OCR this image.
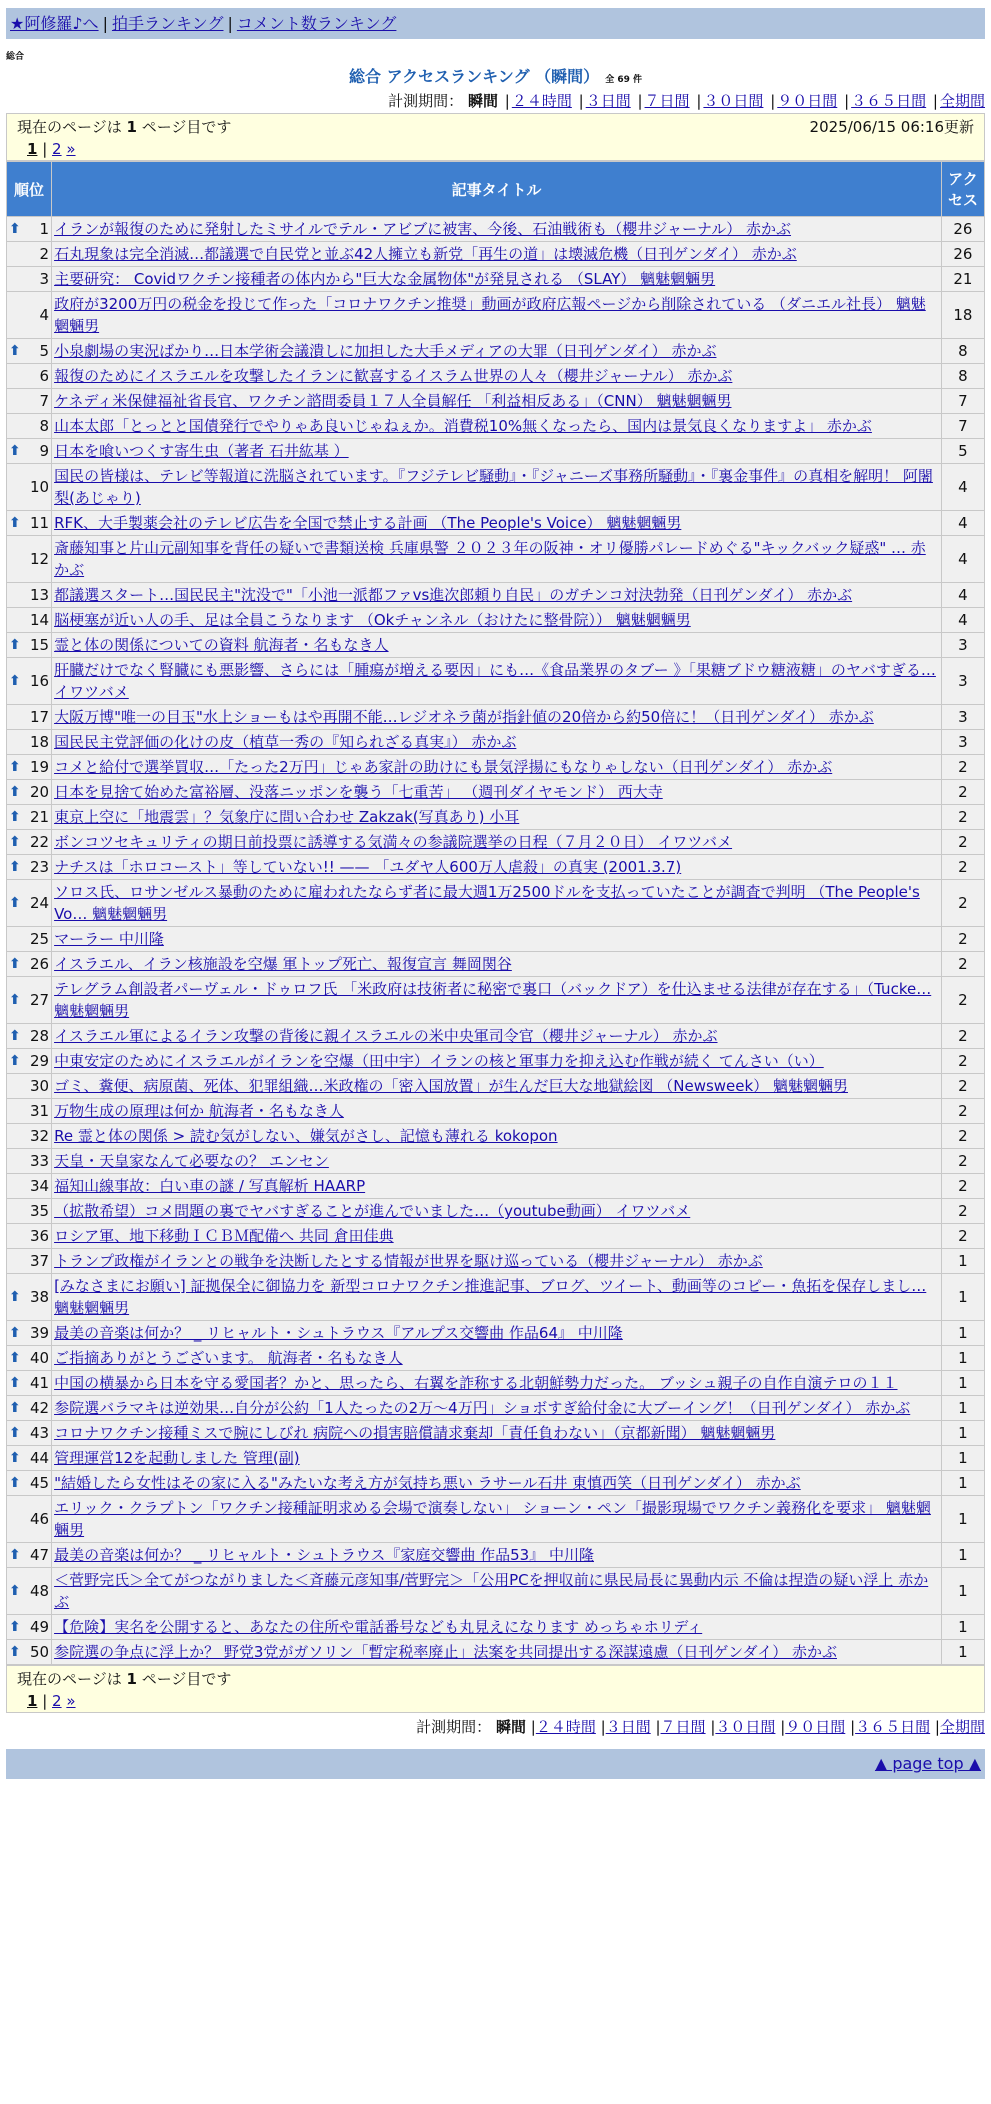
★阿修羅♪へ | 拍手ランキング | コメント数ランキング
総合
総合 アクセスランキング （瞬間） 全 69 件
計測期間： 瞬間 | ２４時間 | ３日間 | ７日間 | ３０日間 | ９０日間 | ３６５日間 | 全期間
現在のページは 1 ページ目です	2025/06/15 06:16更新
1 | 2 »
順位	記事タイトル	アクセス

⬆ 1	イランが報復のために発射したミサイルでテル・アビブに被害、今後、石油戦術も（櫻井ジャーナル） 赤かぶ	26
2	石丸現象は完全消滅…都議選で自民党と並ぶ42人擁立も新党「再生の道」は壊滅危機（日刊ゲンダイ） 赤かぶ	26
3	主要研究： Covidワクチン接種者の体内から"巨大な金属物体"が発見される （SLAY） 魑魅魍魎男	21
4	政府が3200万円の税金を投じて作った「コロナワクチン推奨」動画が政府広報ページから削除されている （ダニエル社長） 魑魅魍魎男	18

⬆ 5	小泉劇場の実況ばかり…日本学術会議潰しに加担した大手メディアの大罪（日刊ゲンダイ） 赤かぶ	8
6	報復のためにイスラエルを攻撃したイランに歓喜するイスラム世界の人々（櫻井ジャーナル） 赤かぶ	8
7	ケネディ米保健福祉省長官、ワクチン諮問委員１７人全員解任 「利益相反ある」（CNN） 魑魅魍魎男	7
8	山本太郎「とっとと国債発行でやりゃあ良いじゃねぇか。消費税10%無くなったら、国内は景気良くなりますよ」 赤かぶ	7

⬆ 9	日本を喰いつくす寄生虫（著者 石井紘基 ）	5
10	国民の皆様は、テレビ等報道に洗脳されています。『フジテレビ騒動』・『ジャニーズ事務所騒動』・『裏金事件』の真相を解明！ 阿闍梨(あじゃり)	4

⬆ 11	RFK、大手製薬会社のテレビ広告を全国で禁止する計画 （The People's Voice） 魑魅魍魎男	4
12	斎藤知事と片山元副知事を背任の疑いで書類送検 兵庫県警 ２０２３年の阪神・オリ優勝パレードめぐる"キックバック疑惑" … 赤かぶ	4
13	都議選スタート…国民民主"沈没で"「小池一派都ファvs進次郎頼り自民」のガチンコ対決勃発（日刊ゲンダイ） 赤かぶ	4
14	脳梗塞が近い人の手、足は全員こうなります （Okチャンネル（おけたに整骨院）） 魑魅魍魎男	4

⬆ 15	霊と体の関係についての資料 航海者・名もなき人	3

⬆ 16	肝臓だけでなく腎臓にも悪影響、さらには「腫瘍が増える要因」にも…《食品業界のタブー 》「果糖ブドウ糖液糖」のヤバすぎる… イワツバメ	3
17	大阪万博"唯一の目玉"水上ショーもはや再開不能…レジオネラ菌が指針値の20倍から約50倍に！（日刊ゲンダイ） 赤かぶ	3
18	国民民主党評価の化けの皮（植草一秀の『知られざる真実』） 赤かぶ	3

⬆ 19	コメと給付で選挙買収…「たった2万円」じゃあ家計の助けにも景気浮揚にもなりゃしない（日刊ゲンダイ） 赤かぶ	2

⬆ 20	日本を見捨て始めた富裕層、没落ニッポンを襲う「七重苦」 （週刊ダイヤモンド） 西大寺	2

⬆ 21	東京上空に「地震雲」？気象庁に問い合わせ Zakzak(写真あり) 小耳	2

⬆ 22	ボンコツセキュリティの期日前投票に誘導する気満々の参議院選挙の日程（７月２０日） イワツバメ	2

⬆ 23	ナチスは「ホロコースト」等していない!! —— 「ユダヤ人600万人虐殺」の真実 (2001.3.7)	2

⬆ 24	ソロス氏、ロサンゼルス暴動のために雇われたならず者に最大週1万2500ドルを支払っていたことが調査で判明 （The People's Vo… 魑魅魍魎男	2
25	マーラー 中川隆	2

⬆ 26	イスラエル、イラン核施設を空爆 軍トップ死亡、報復宣言 舞岡関谷	2

⬆ 27	テレグラム創設者パーヴェル・ドゥロフ氏 「米政府は技術者に秘密で裏口（バックドア）を仕込ませる法律が存在する」（Tucke… 魑魅魍魎男	2

⬆ 28	イスラエル軍によるイラン攻撃の背後に親イスラエルの米中央軍司令官（櫻井ジャーナル） 赤かぶ	2

⬆ 29	中東安定のためにイスラエルがイランを空爆（田中宇）イランの核と軍事力を抑え込む作戦が続く てんさい（い）	2
30	ゴミ、糞便、病原菌、死体、犯罪組織…米政権の「密入国放置」が生んだ巨大な地獄絵図 （Newsweek） 魑魅魍魎男	2
31	万物生成の原理は何か 航海者・名もなき人	2
32	Re 霊と体の関係 > 読む気がしない、嫌気がさし、記憶も薄れる kokopon	2
33	天皇・天皇家なんて必要なの？ エンセン	2
34	福知山線事故：白い車の謎 / 写真解析 HAARP	2
35	（拡散希望）コメ問題の裏でヤバすぎることが進んでいました…（youtube動画） イワツバメ	2
36	ロシア軍、地下移動ＩＣＢＭ配備へ 共同 倉田佳典	2
37	トランプ政権がイランとの戦争を決断したとする情報が世界を駆け巡っている（櫻井ジャーナル） 赤かぶ	1

⬆ 38	[みなさまにお願い] 証拠保全に御協力を 新型コロナワクチン推進記事、ブログ、ツイート、動画等のコピー・魚拓を保存しまし… 魑魅魍魎男	1

⬆ 39	最美の音楽は何か？ _ リヒャルト・シュトラウス『アルプス交響曲 作品64』 中川隆	1

⬆ 40	ご指摘ありがとうございます。 航海者・名もなき人	1

⬆ 41	中国の横暴から日本を守る愛国者？かと、思ったら、右翼を詐称する北朝鮮勢力だった。 ブッシュ親子の自作自演テロの１１	1

⬆ 42	参院選バラマキは逆効果…自分が公約「1人たったの2万～4万円」ショボすぎ給付金に大ブーイング！（日刊ゲンダイ） 赤かぶ	1

⬆ 43	コロナワクチン接種ミスで腕にしびれ 病院への損害賠償請求棄却「責任負わない」（京都新聞） 魑魅魍魎男	1

⬆ 44	管理運営12を起動しました 管理(副)	1

⬆ 45	"結婚したら女性はその家に入る"みたいな考え方が気持ち悪い ラサール石井 東慎西笑（日刊ゲンダイ） 赤かぶ	1
46	エリック・クラプトン「ワクチン接種証明求める会場で演奏しない」 ショーン・ペン「撮影現場でワクチン義務化を要求」 魑魅魍魎男	1

⬆ 47	最美の音楽は何か？ _ リヒャルト・シュトラウス『家庭交響曲 作品53』 中川隆	1

⬆ 48	＜菅野完氏＞全てがつながりました＜斉藤元彦知事/菅野完＞「公用PCを押収前に県民局長に異動内示 不倫は捏造の疑い浮上 赤かぶ	1

⬆ 49	【危険】実名を公開すると、あなたの住所や電話番号なども丸見えになります めっちゃホリディ	1

⬆ 50	参院選の争点に浮上か？ 野党3党がガソリン「暫定税率廃止」法案を共同提出する深謀遠慮（日刊ゲンダイ） 赤かぶ	1
現在のページは 1 ページ目です
1 | 2 »
計測期間： 瞬間 |２４時間 |３日間 |７日間 |３０日間 |９０日間 |３６５日間 |全期間
▲ page top ▲
